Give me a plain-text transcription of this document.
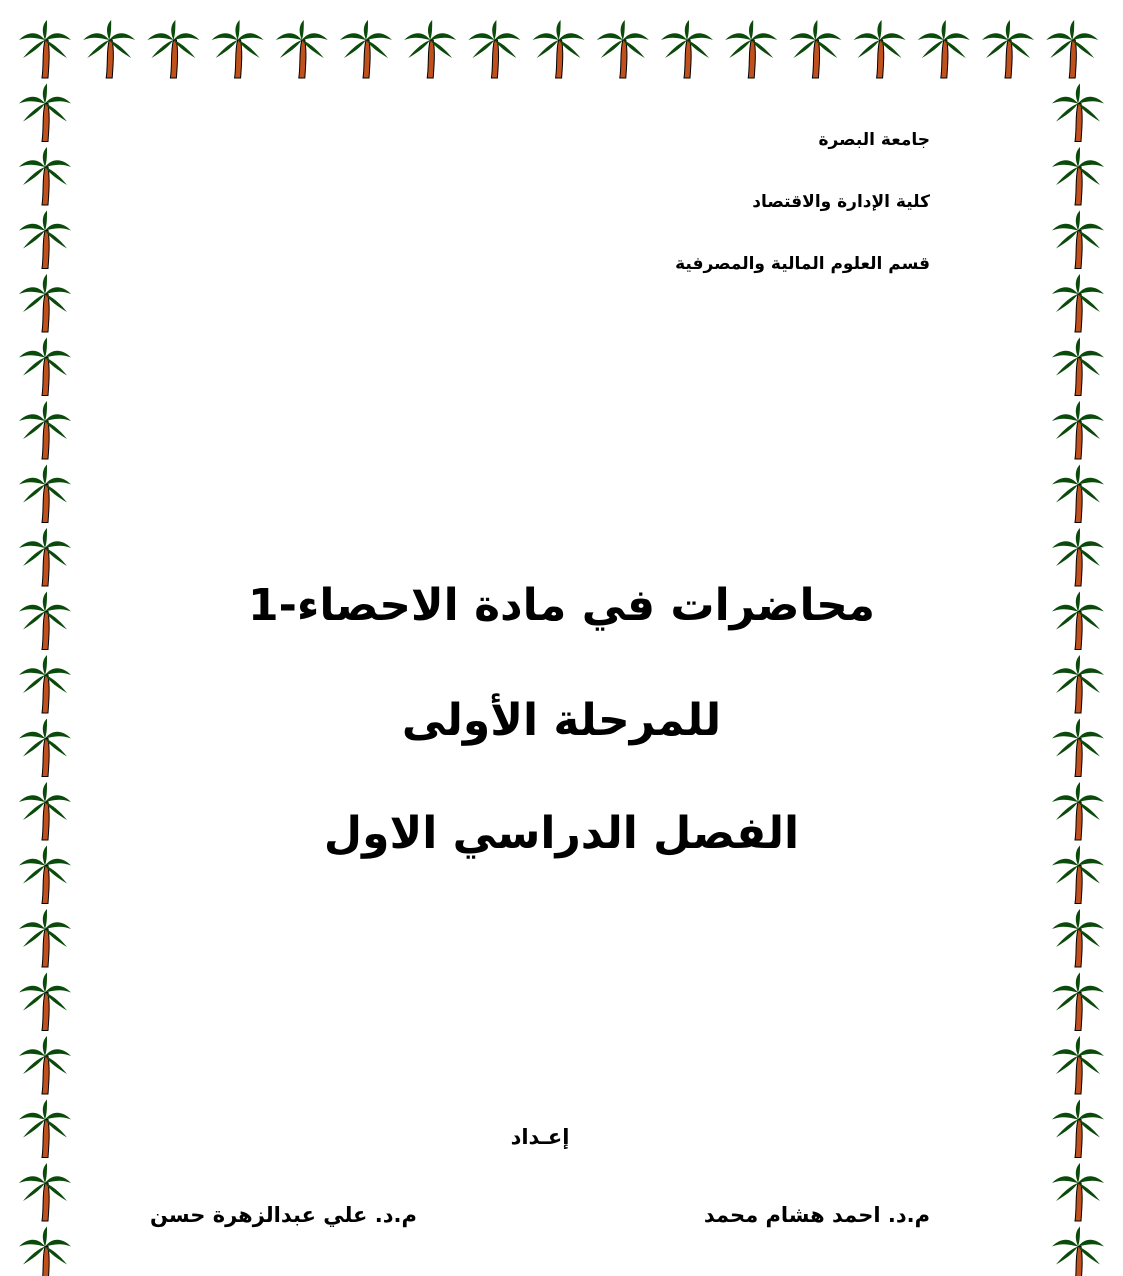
جامعة البصرة
كلية الإدارة والاقتصاد
قسم العلوم المالية والمصرفية
محاضرات في مادة الاحصاء-1
للمرحلة الأولى
الفصل الدراسي الاول
إعـداد
م.د. احمد هشام محمد
م.د. علي عبدالزهرة حسن
